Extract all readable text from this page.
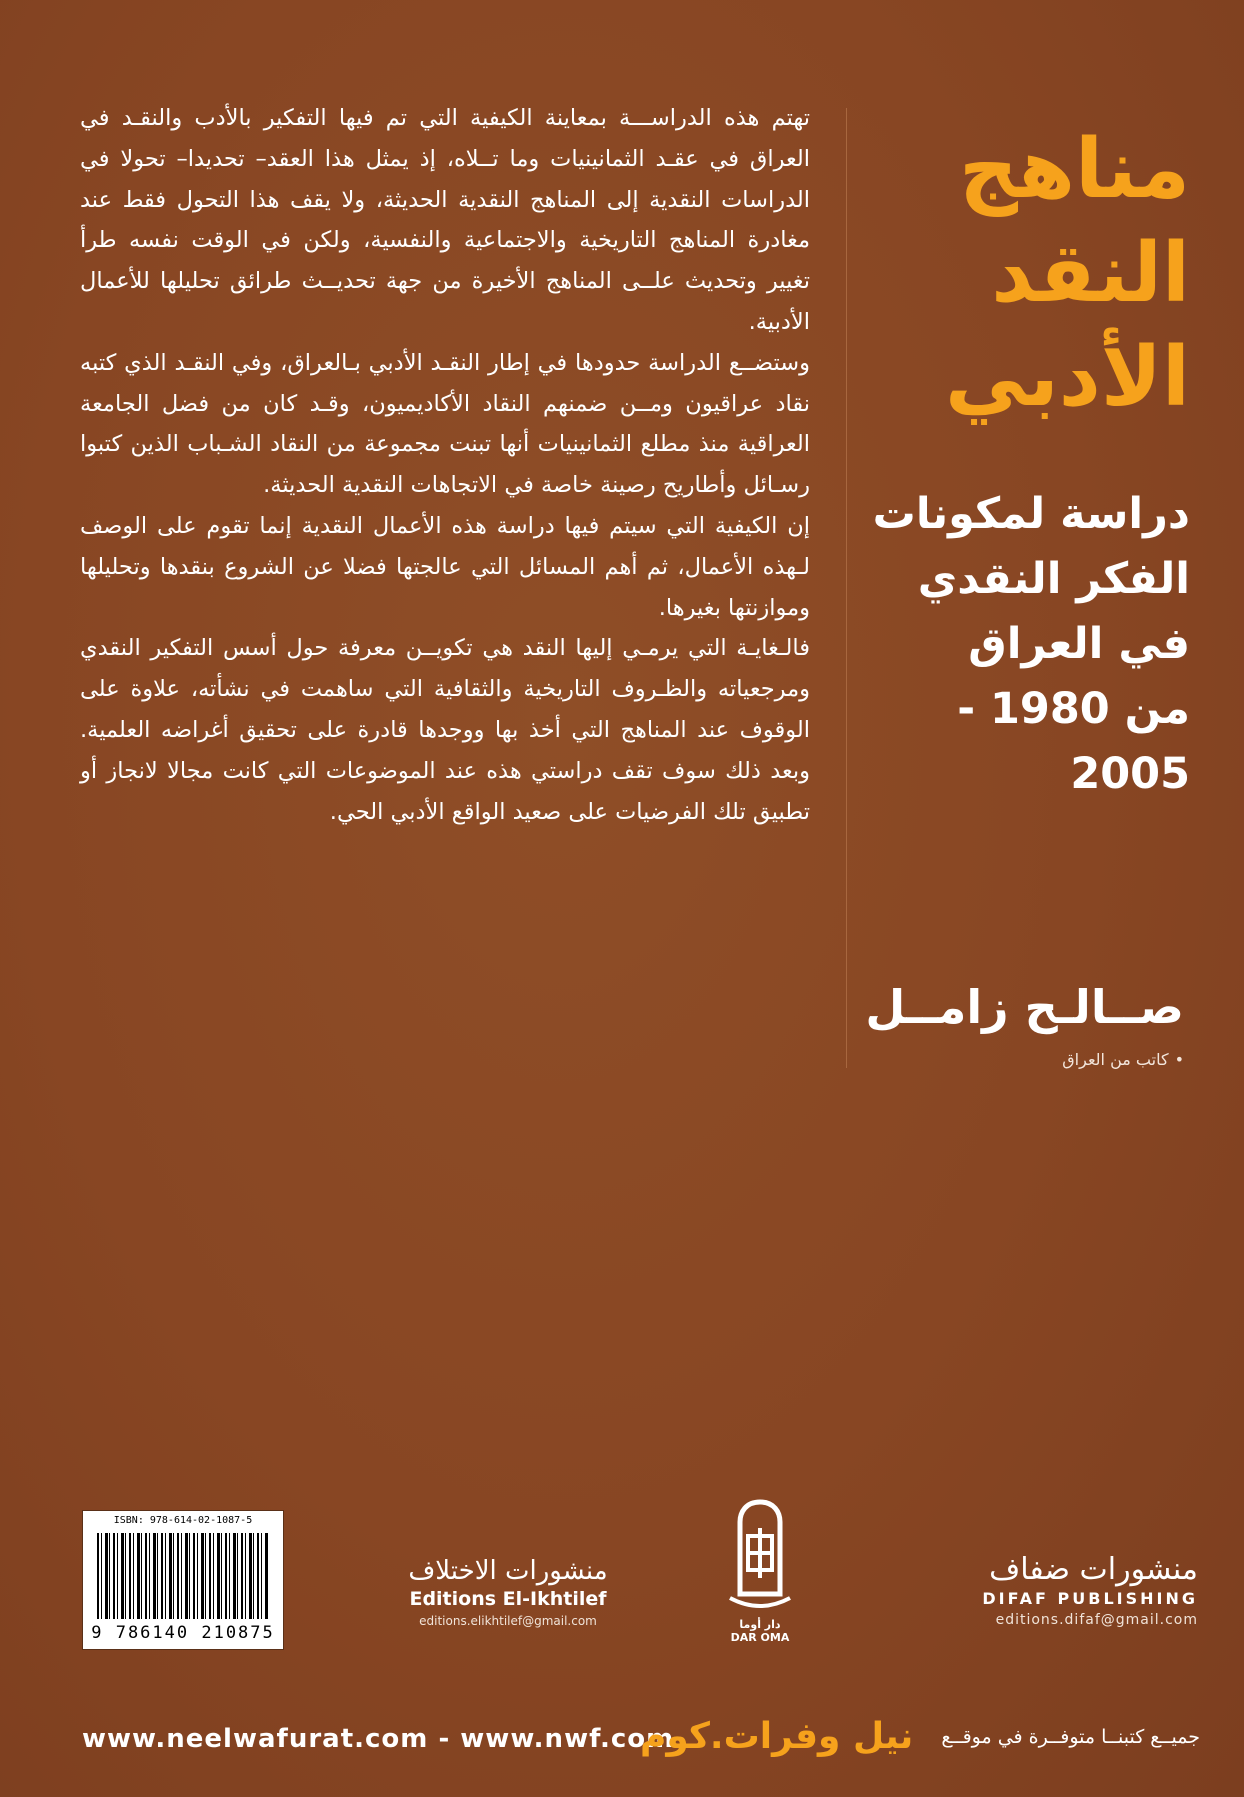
مناهج
النقد
الأدبي
دراسة لمكونات
الفكر النقدي
في العراق
من 1980 - 2005

تهتم هذه الدراســـة بمعاينة الكيفية التي تم فيها التفكير بالأدب والنقـد في العراق في عقـد الثمانينيات وما تــلاه، إذ يمثل هذا العقد– تحديدا– تحولا في الدراسات النقدية إلى المناهج النقدية الحديثة، ولا يقف هذا التحول فقط عند مغادرة المناهج التاريخية والاجتماعية والنفسية، ولكن في الوقت نفسه طرأ تغيير وتحديث علــى المناهج الأخيرة من جهة تحديــث طرائق تحليلها للأعمال الأدبية.

وستضــع الدراسة حدودها في إطار النقـد الأدبي بـالعراق، وفي النقـد الذي كتبه نقاد عراقيون ومــن ضمنهم النقاد الأكاديميون، وقـد كان من فضل الجامعة العراقية منذ مطلع الثمانينيات أنها تبنت مجموعة من النقاد الشـباب الذين كتبوا رسـائل وأطاريح رصينة خاصة في الاتجاهات النقدية الحديثة.

إن الكيفية التي سيتم فيها دراسة هذه الأعمال النقدية إنما تقوم على الوصف لـهذه الأعمال، ثم أهم المسائل التي عالجتها فضلا عن الشروع بنقدها وتحليلها وموازنتها بغيرها.

فالـغايـة التي يرمـي إليها النقد هي تكويــن معرفة حول أسس التفكير النقدي ومرجعياته والظـروف التاريخية والثقافية التي ساهمت في نشأته، علاوة على الوقوف عند المناهج التي أخذ بها ووجدها قادرة على تحقيق أغراضه العلمية. وبعد ذلك سوف تقف دراستي هذه عند الموضوعات التي كانت مجالا لانجاز أو تطبيق تلك الفرضيات على صعيد الواقع الأدبي الحي.

صــالـح زامــل
•كاتب من العراق
ISBN: 978-614-02-1087-5
9 786140 210875
منشورات الاختلاف
Editions El-Ikhtilef
editions.elikhtilef@gmail.com	دار أوما
DAR OMA
منشورات ضفاف
DIFAF PUBLISHING
editions.difaf@gmail.com
www.neelwafurat.com - www.nwf.com
نيل وفرات.كوم	جميــع كتبنــا متوفــرة في موقــع
